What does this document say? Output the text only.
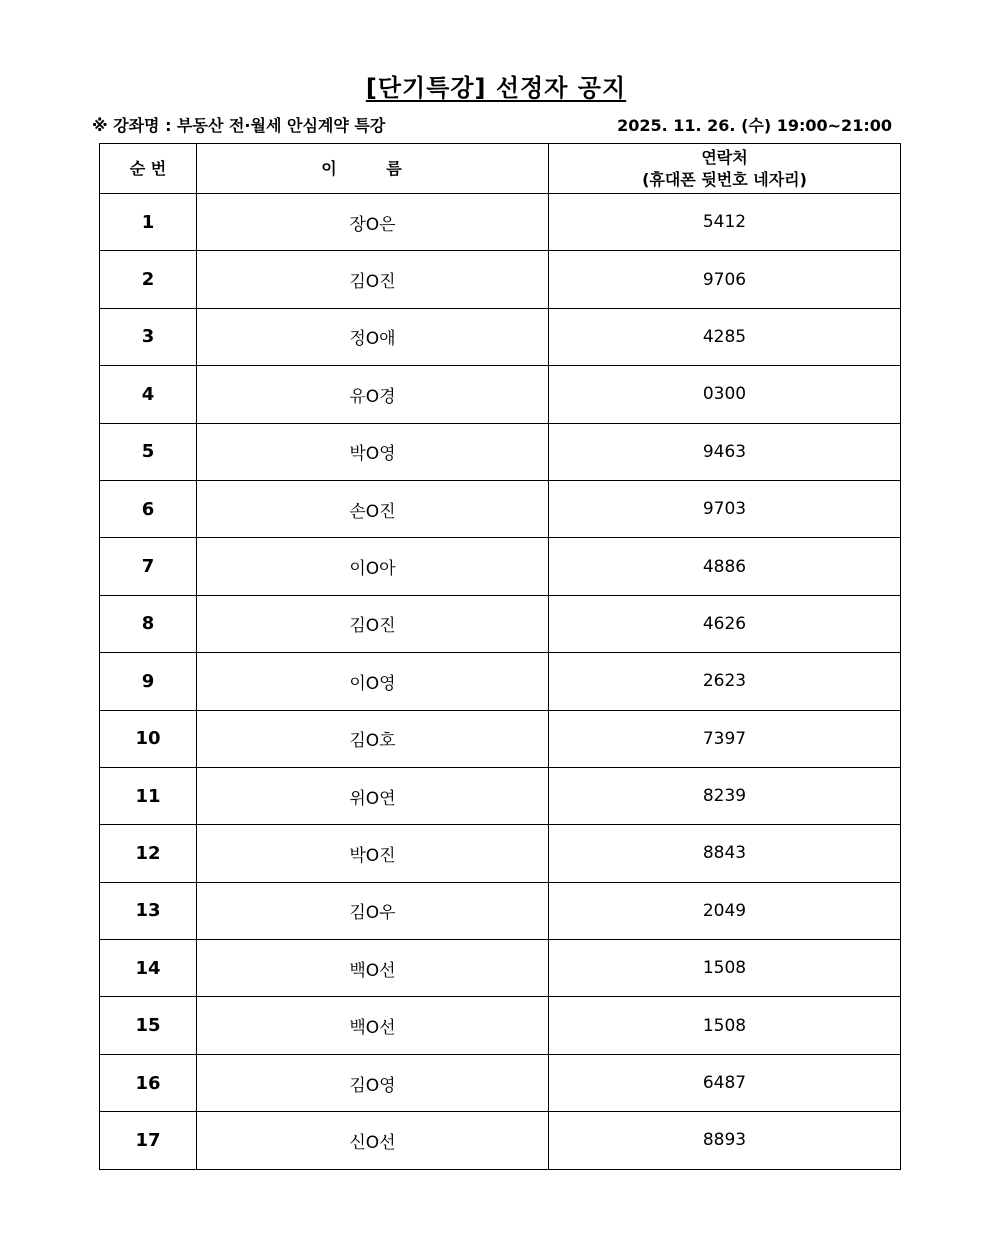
[단기특강] 선정자 공지
※ 강좌명 : 부동산 전·월세 안심계약 특강	2025. 11. 26. (수) 19:00~21:00
순 번	이 름	연락처
(휴대폰 뒷번호 네자리)

1	장O은	5412
2	김O진	9706
3	정O애	4285
4	유O경	0300
5	박O영	9463
6	손O진	9703
7	이O아	4886
8	김O진	4626
9	이O영	2623
10	김O호	7397
11	위O연	8239
12	박O진	8843
13	김O우	2049
14	백O선	1508
15	백O선	1508
16	김O영	6487
17	신O선	8893
